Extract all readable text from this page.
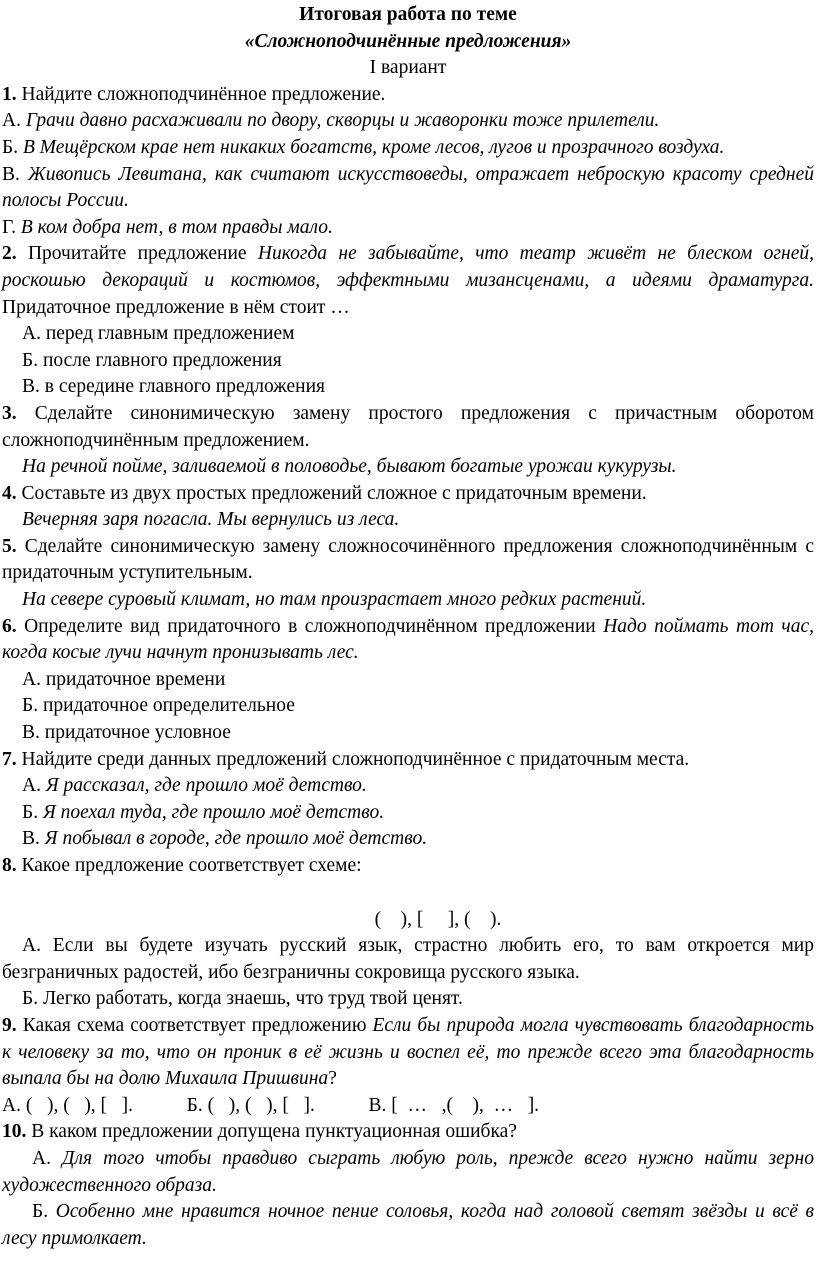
Итоговая работа по теме

«Сложноподчинённые предложения»

I вариант

1. Найдите сложноподчинённое предложение.

А. Грачи давно расхаживали по двору, скворцы и жаворонки тоже прилетели.

Б. В Мещёрском крае нет никаких богатств, кроме лесов, лугов и прозрачного воздуха.

В. Живопись Левитана, как считают искусствоведы, отражает неброскую красоту средней полосы России.

Г. В ком добра нет, в том правды мало.

2. Прочитайте предложение Никогда не забывайте, что театр живёт не блеском огней, роскошью декораций и костюмов, эффектными мизансценами, а идеями драматурга. Придаточное предложение в нём стоит …

А. перед главным предложением

Б. после главного предложения

В. в середине главного предложения

3. Сделайте синонимическую замену простого предложения с причастным оборотом сложноподчинённым предложением.

На речной пойме, заливаемой в половодье, бывают богатые урожаи кукурузы.

4. Составьте из двух простых предложений сложное с придаточным времени.

Вечерняя заря погасла. Мы вернулись из леса.

5. Сделайте синонимическую замену сложносочинённого предложения сложноподчинённым с придаточным уступительным.

На севере суровый климат, но там произрастает много редких растений.

6. Определите вид придаточного в сложноподчинённом предложении Надо поймать тот час, когда косые лучи начнут пронизывать лес.

А. придаточное времени

Б. придаточное определительное

В. придаточное условное

7. Найдите среди данных предложений сложноподчинённое с придаточным места.

А. Я рассказал, где прошло моё детство.

Б. Я поехал туда, где прошло моё детство.

В. Я побывал в городе, где прошло моё детство.

8. Какое предложение соответствует схеме:

(    ), [     ], (    ).

А. Если вы будете изучать русский язык, страстно любить его, то вам откроется мир безграничных радостей, ибо безграничны сокровища русского языка.

Б. Легко работать, когда знаешь, что труд твой ценят.

9. Какая схема соответствует предложению Если бы природа могла чувствовать благодарность к человеку за то, что он проник в её жизнь и воспел её, то прежде всего эта благодарность выпала бы на долю Михаила Пришвина?

А. (   ), (   ), [   ].           Б. (   ), (   ), [   ].           В. [  …   ,(    ),  …   ].

10. В каком предложении допущена пунктуационная ошибка?

А. Для того чтобы правдиво сыграть любую роль, прежде всего нужно найти зерно художественного образа.

Б. Особенно мне нравится ночное пение соловья, когда над головой светят звёзды и всё в лесу примолкает.
